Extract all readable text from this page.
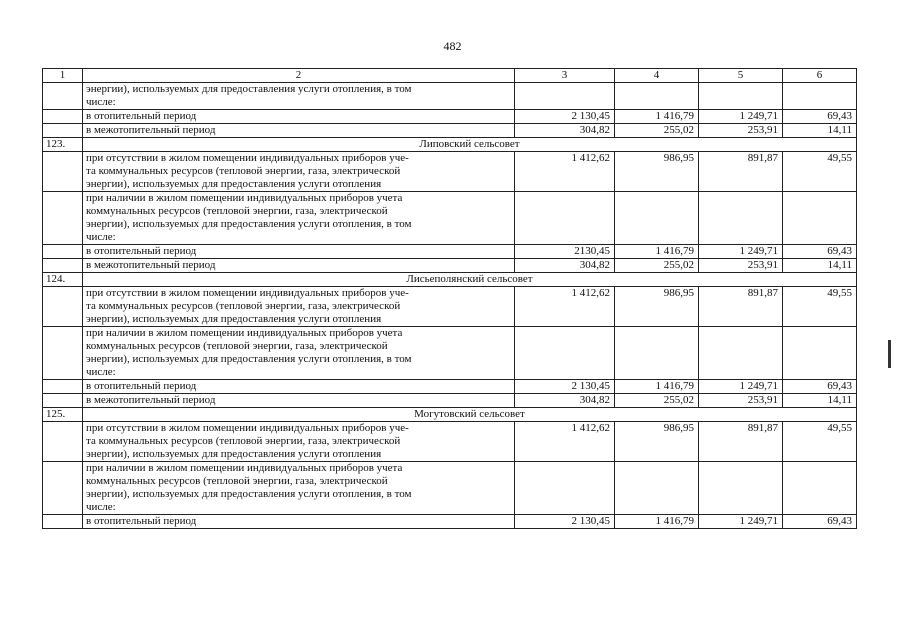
482
1	2	3	4	5	6
	энергии), используемых для предоставления услуги отопления, в том
числе:				
	в отопительный период	2 130,45	1 416,79	1 249,71	69,43
	в межотопительный период	304,82	255,02	253,91	14,11
123.	Липовский сельсовет				
	при отсутствии в жилом помещении индивидуальных приборов уче-
та коммунальных ресурсов (тепловой энергии, газа, электрической
энергии), используемых для предоставления услуги отопления	1 412,62	986,95	891,87	49,55
	при наличии в жилом помещении индивидуальных приборов учета
коммунальных ресурсов (тепловой энергии, газа, электрической
энергии), используемых для предоставления услуги отопления, в том
числе:				
	в отопительный период	2130,45	1 416,79	1 249,71	69,43
	в межотопительный период	304,82	255,02	253,91	14,11
124.	Лисьеполянский сельсовет				
	при отсутствии в жилом помещении индивидуальных приборов уче-
та коммунальных ресурсов (тепловой энергии, газа, электрической
энергии), используемых для предоставления услуги отопления	1 412,62	986,95	891,87	49,55
	при наличии в жилом помещении индивидуальных приборов учета
коммунальных ресурсов (тепловой энергии, газа, электрической
энергии), используемых для предоставления услуги отопления, в том
числе:				
	в отопительный период	2 130,45	1 416,79	1 249,71	69,43
	в межотопительный период	304,82	255,02	253,91	14,11
125.	Могутовский сельсовет				
	при отсутствии в жилом помещении индивидуальных приборов уче-
та коммунальных ресурсов (тепловой энергии, газа, электрической
энергии), используемых для предоставления услуги отопления	1 412,62	986,95	891,87	49,55
	при наличии в жилом помещении индивидуальных приборов учета
коммунальных ресурсов (тепловой энергии, газа, электрической
энергии), используемых для предоставления услуги отопления, в том
числе:				
	в отопительный период	2 130,45	1 416,79	1 249,71	69,43
